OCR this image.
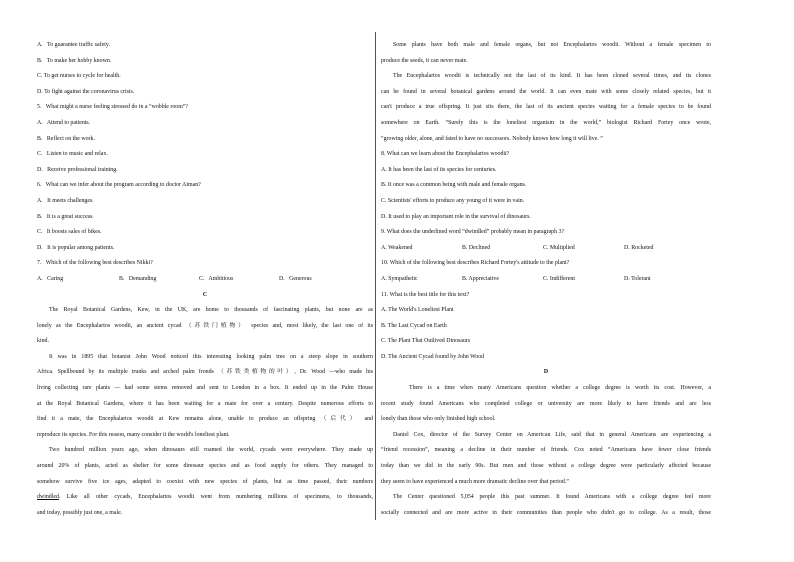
A.   To guarantee traffic safety.
B.   To make her hobby known.
C. To get nurses to cycle for health.
D. To fight against the coronavirus crisis.
5.   What might a nurse feeling stressed do in a “wobble room”?
A.   Attend to patients.
B.   Reflect on the work.
C.   Listen to music and relax.
D.   Receive professional training.
6.   What can we infer about the program according to doctor Aiman?
A.   It meets challenges.
B.   It is a great success.
C.   It boosts sales of bikes.
D.   It is popular among patients.
7.   Which of the following best describes Nikki?
A.   Caring	B.   Demanding	C.   Ambitious	D.   Generous
C
The Royal Botanical Gardens, Kew, in the UK, are home to thousands of fascinating plants, but none are as
lonely as the Encephalartos woodii, an ancient cycad （苏铁门植物） species and, most likely, the last one of its
kind.
It was in 1895 that botanist John Wood noticed this interesting looking palm tree on a steep slope in southern
Africa. Spellbound by its multiple trunks and arched palm fronds （苏铁类植物的叶）, Dr. Wood —who made his
living collecting rare plants — had some stems removed and sent to London in a box. It ended up in the Palm House
at the Royal Botanical Gardens, where it has been waiting for a mate for over a century. Despite numerous efforts to
find it a mate, the Encephalartos woodii at Kew remains alone, unable to produce an offspring （后代） and
reproduce its species. For this reason, many consider it the world's loneliest plant.
Two hundred million years ago, when dinosaurs still roamed the world, cycads were everywhere. They made up
around 20% of plants, acted as shelter for some dinosaur species and as food supply for others. They managed to
somehow survive five ice ages, adapted to coexist with new species of plants, but as time passed, their numbers
dwindled. Like all other cycads, Encephalartos woodii went from numbering millions of specimens, to thousands,
and today, possibly just one, a male.
Some plants have both male and female organs, but not Encephalartos woodii. Without a female specimen to
produce the seeds, it can never mate.
The Encephalartos woodii is technically not the last of its kind. It has been cloned several times, and its clones
can be found in several botanical gardens around the world. It can even mate with some closely related species, but it
can't produce a true offspring. It just sits there, the last of its ancient species waiting for a female species to be found
somewhere on Earth. “Surely this is the loneliest organism in the world,” biologist Richard Fortey once wrote,
“growing older, alone, and fated to have no successors. Nobody knows how long it will live. ”
8. What can we learn about the Encephalartos woodii?
A. It has been the last of its species for centuries.
B. It once was a common being with male and female organs.
C. Scientists' efforts to produce any young of it were in vain.
D. It used to play an important role in the survival of dinosaurs.
9. What does the underlined word “dwindled” probably mean in paragraph 3?
A. Weakened	B. Declined	C. Multiplied	D. Rocketed
10. Which of the following best describes Richard Fortey's attitude to the plant?
A. Sympathetic	B. Appreciative	C. Indifferent	D. Tolerant
11. What is the best title for this text?
A. The World's Loneliest Plant
B. The Last Cycad on Earth
C. The Plant That Outlived Dinosaurs
D. The Ancient Cycad found by John Wood
D
There is a time when many Americans question whether a college degree is worth its cost. However, a
recent study found Americans who completed college or university are more likely to have friends and are less
lonely than those who only finished high school.
Daniel Cox, director of the Survey Center on American Life, said that in general Americans are experiencing a
“friend recession”, meaning a decline in their number of friends. Cox noted “Americans have fewer close friends
today than we did in the early 90s. But men and those without a college degree were particularly affected because
they seem to have experienced a much more dramatic decline over that period.”
The Center questioned 5,054 people this past summer. It found Americans with a college degree feel more
socially connected and are more active in their communities than people who didn't go to college. As a result, those
